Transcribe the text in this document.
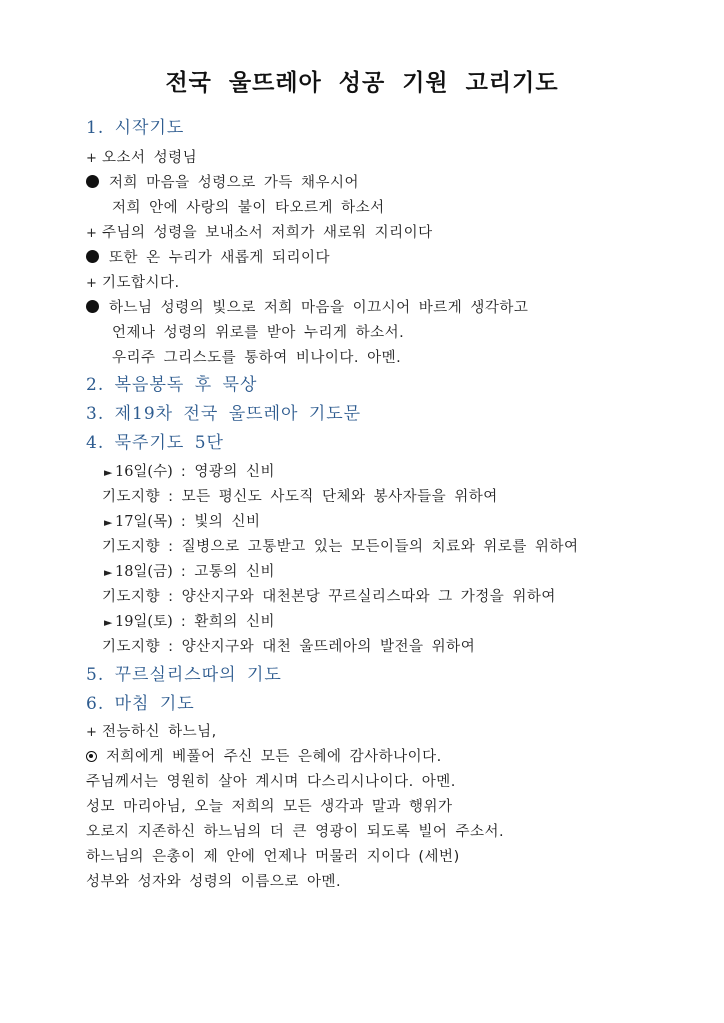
전국 울뜨레아 성공 기원 고리기도
1. 시작기도
+ 오소서 성령님
저희 마음을 성령으로 가득 채우시어
저희 안에 사랑의 불이 타오르게 하소서
+ 주님의 성령을 보내소서 저희가 새로워 지리이다
또한 온 누리가 새롭게 되리이다
+ 기도합시다.
하느님 성령의 빛으로 저희 마음을 이끄시어 바르게 생각하고
언제나 성령의 위로를 받아 누리게 하소서.
우리주 그리스도를 통하여 비나이다. 아멘.
2. 복음봉독 후 묵상
3. 제19차 전국 울뜨레아 기도문
4. 묵주기도 5단
► 16일(수) : 영광의 신비
기도지향 : 모든 평신도 사도직 단체와 봉사자들을 위하여
► 17일(목) : 빛의 신비
기도지향 : 질병으로 고통받고 있는 모든이들의 치료와 위로를 위하여
► 18일(금) : 고통의 신비
기도지향 : 양산지구와 대천본당 꾸르실리스따와 그 가정을 위하여
► 19일(토) : 환희의 신비
기도지향 : 양산지구와 대천 울뜨레아의 발전을 위하여
5. 꾸르실리스따의 기도
6. 마침 기도
+ 전능하신 하느님,
저희에게 베풀어 주신 모든 은혜에 감사하나이다.
주님께서는 영원히 살아 계시며 다스리시나이다. 아멘.
성모 마리아님, 오늘 저희의 모든 생각과 말과 행위가
오로지 지존하신 하느님의 더 큰 영광이 되도록 빌어 주소서.
하느님의 은총이 제 안에 언제나 머물러 지이다 (세번)
성부와 성자와 성령의 이름으로 아멘.
